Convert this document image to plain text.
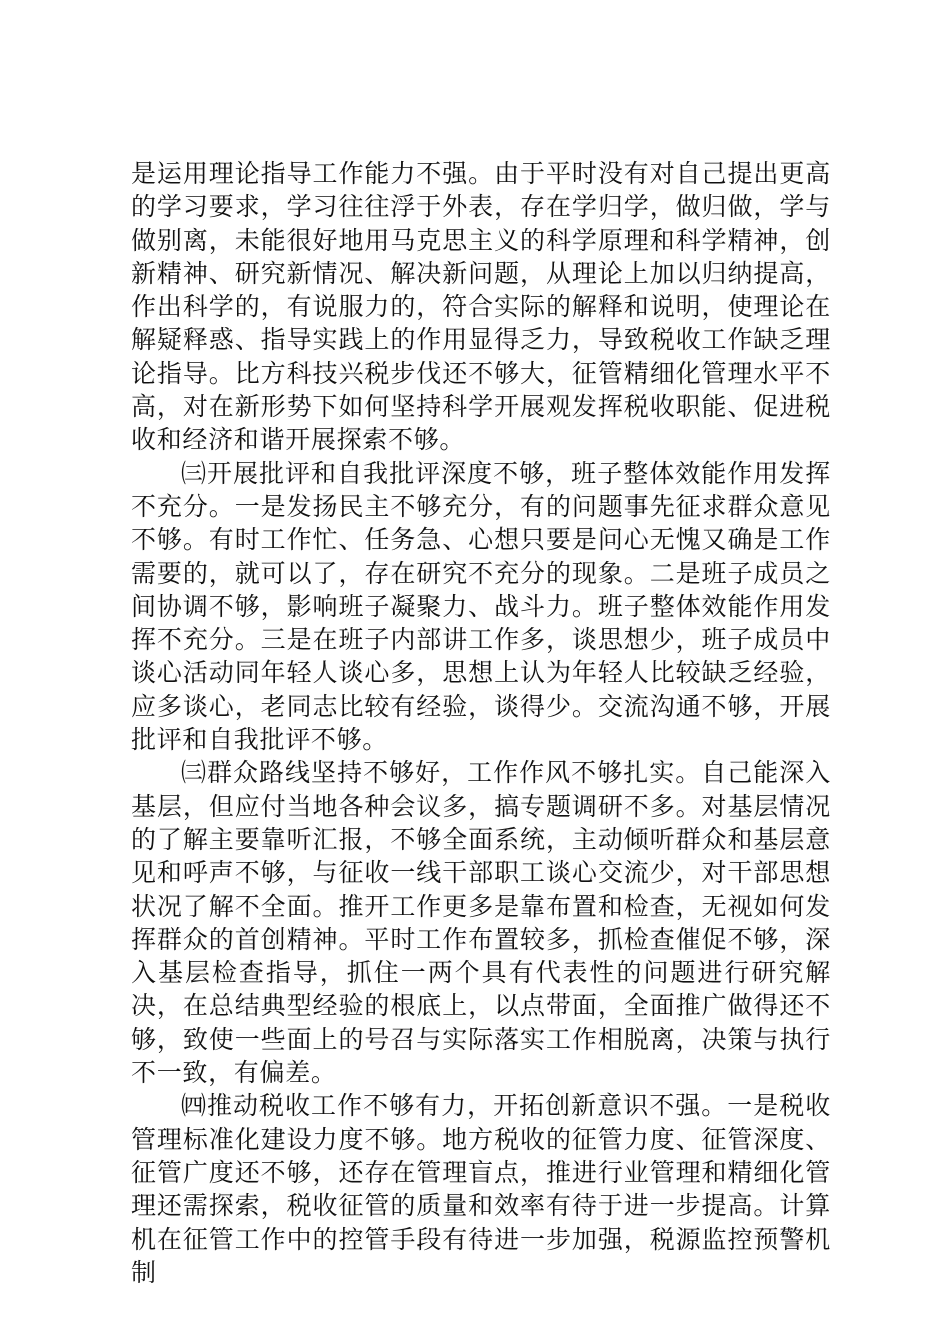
是运用理论指导工作能力不强。由于平时没有对自己提出更高的学习要求，学习往往浮于外表，存在学归学，做归做，学与做别离，未能很好地用马克思主义的科学原理和科学精神，创新精神、研究新情况、解决新问题，从理论上加以归纳提高，作出科学的，有说服力的，符合实际的解释和说明，使理论在解疑释惑、指导实践上的作用显得乏力，导致税收工作缺乏理论指导。比方科技兴税步伐还不够大，征管精细化管理水平不高，对在新形势下如何坚持科学开展观发挥税收职能、促进税收和经济和谐开展探索不够。

㈢开展批评和自我批评深度不够，班子整体效能作用发挥不充分。一是发扬民主不够充分，有的问题事先征求群众意见不够。有时工作忙、任务急、心想只要是问心无愧又确是工作需要的，就可以了，存在研究不充分的现象。二是班子成员之间协调不够，影响班子凝聚力、战斗力。班子整体效能作用发挥不充分。三是在班子内部讲工作多，谈思想少，班子成员中谈心活动同年轻人谈心多，思想上认为年轻人比较缺乏经验，应多谈心，老同志比较有经验，谈得少。交流沟通不够，开展批评和自我批评不够。

㈢群众路线坚持不够好，工作作风不够扎实。自己能深入基层，但应付当地各种会议多，搞专题调研不多。对基层情况的了解主要靠听汇报，不够全面系统，主动倾听群众和基层意见和呼声不够，与征收一线干部职工谈心交流少，对干部思想状况了解不全面。推开工作更多是靠布置和检查，无视如何发挥群众的首创精神。平时工作布置较多，抓检查催促不够，深入基层检查指导，抓住一两个具有代表性的问题进行研究解决，在总结典型经验的根底上，以点带面，全面推广做得还不够，致使一些面上的号召与实际落实工作相脱离，决策与执行不一致，有偏差。

㈣推动税收工作不够有力，开拓创新意识不强。一是税收管理标准化建设力度不够。地方税收的征管力度、征管深度、征管广度还不够，还存在管理盲点，推进行业管理和精细化管理还需探索，税收征管的质量和效率有待于进一步提高。计算机在征管工作中的控管手段有待进一步加强，税源监控预警机制
